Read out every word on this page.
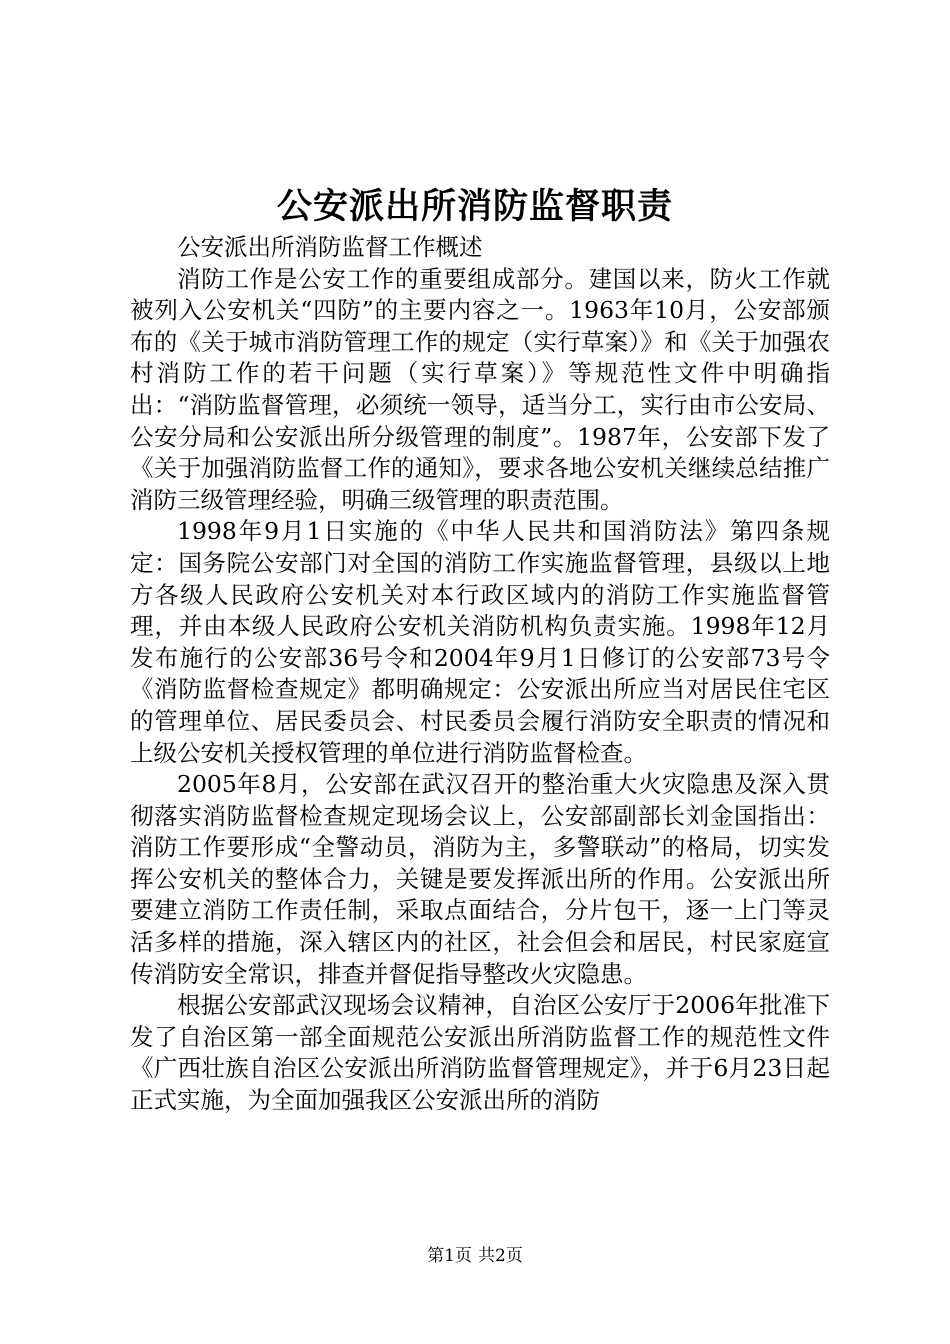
公安派出所消防监督职责
公安派出所消防监督工作概述

消防工作是公安工作的重要组成部分。建国以来，防火工作就被列入公安机关“四防”的主要内容之一。1963年10月，公安部颁布的《关于城市消防管理工作的规定（实行草案）》和《关于加强农村消防工作的若干问题（实行草案）》等规范性文件中明确指出：“消防监督管理，必须统一领导，适当分工，实行由市公安局、公安分局和公安派出所分级管理的制度”。1987年，公安部下发了《关于加强消防监督工作的通知》，要求各地公安机关继续总结推广消防三级管理经验，明确三级管理的职责范围。

1998年9月1日实施的《中华人民共和国消防法》第四条规定：国务院公安部门对全国的消防工作实施监督管理，县级以上地方各级人民政府公安机关对本行政区域内的消防工作实施监督管理，并由本级人民政府公安机关消防机构负责实施。1998年12月发布施行的公安部36号令和2004年9月1日修订的公安部73号令《消防监督检查规定》都明确规定：公安派出所应当对居民住宅区的管理单位、居民委员会、村民委员会履行消防安全职责的情况和上级公安机关授权管理的单位进行消防监督检查。

2005年8月，公安部在武汉召开的整治重大火灾隐患及深入贯彻落实消防监督检查规定现场会议上，公安部副部长刘金国指出：消防工作要形成“全警动员，消防为主，多警联动”的格局，切实发挥公安机关的整体合力，关键是要发挥派出所的作用。公安派出所要建立消防工作责任制，采取点面结合，分片包干，逐一上门等灵活多样的措施，深入辖区内的社区，社会但会和居民，村民家庭宣传消防安全常识，排查并督促指导整改火灾隐患。

根据公安部武汉现场会议精神，自治区公安厅于2006年批准下发了自治区第一部全面规范公安派出所消防监督工作的规范性文件《广西壮族自治区公安派出所消防监督管理规定》，并于6月23日起正式实施，为全面加强我区公安派出所的消防

第1页 共2页
